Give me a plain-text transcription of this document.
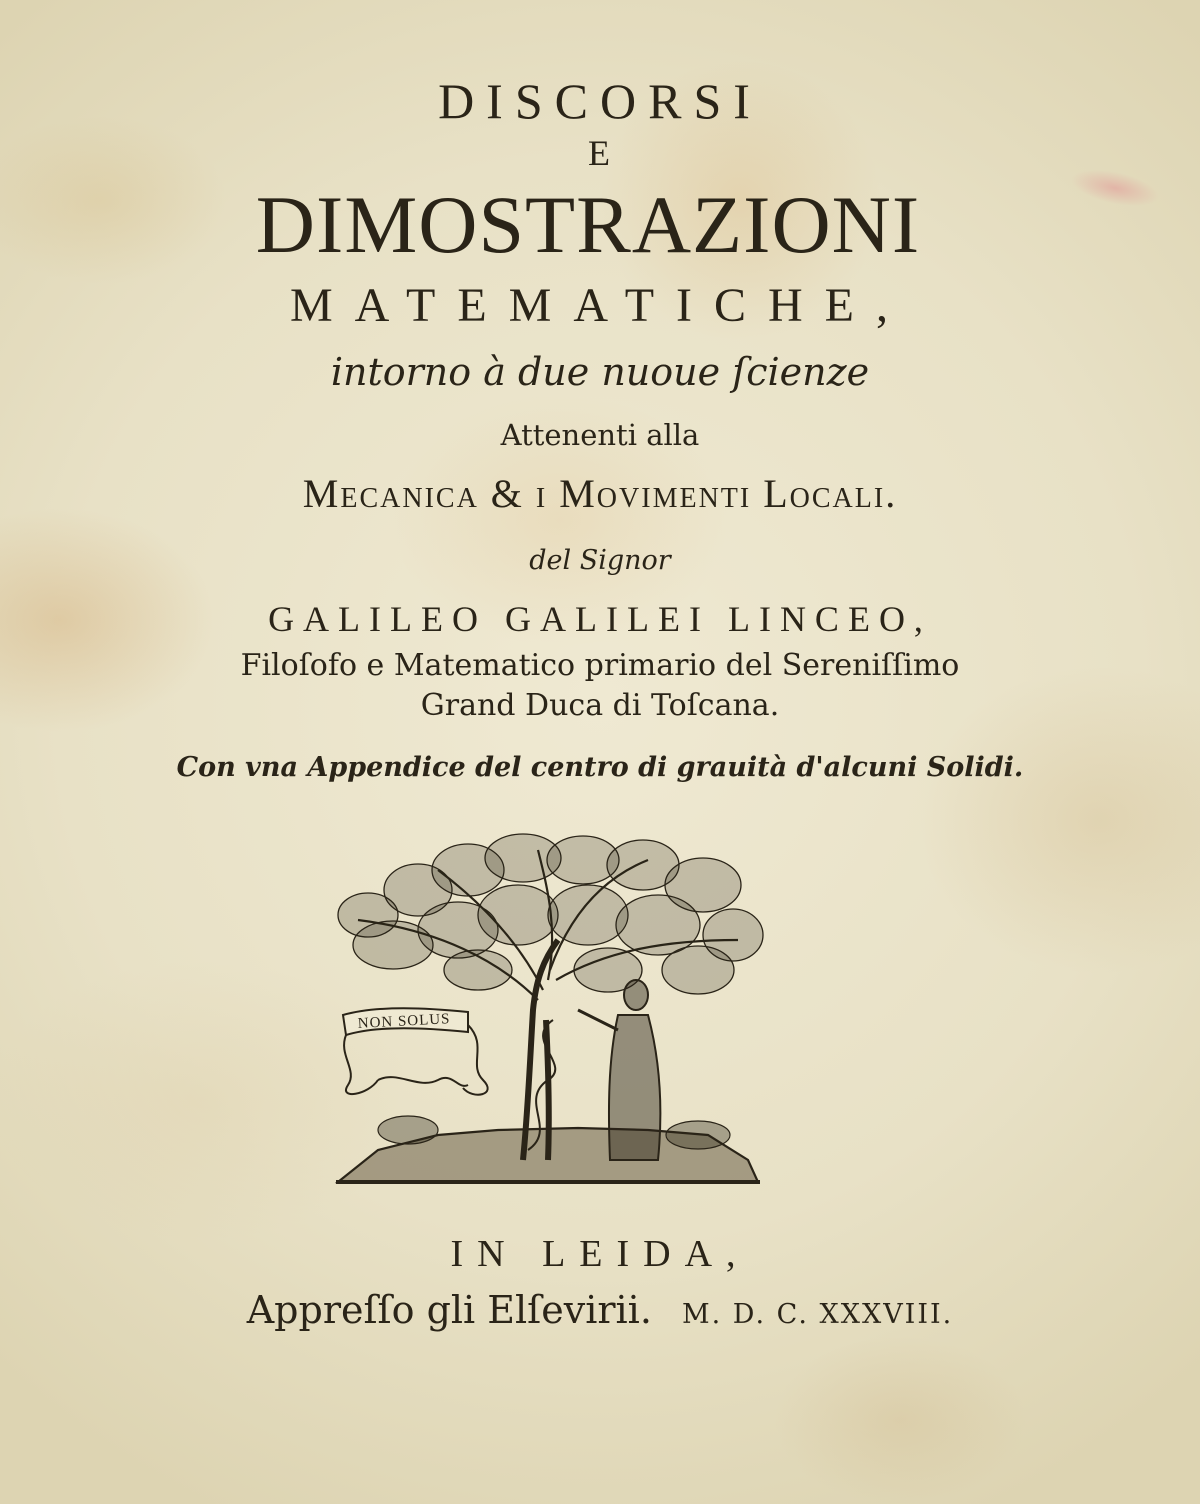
DISCORSI
E
DIMOSTRAZIONI
MATEMATICHE,
intorno à due nuoue ſcienze
Attenenti alla
Mecanica & i Movimenti Locali.
del Signor
GALILEO GALILEI LINCEO,
Filoſofo e Matematico primario del Sereniſſimo
Grand Duca di Toſcana.
Con vna Appendice del centro di grauità d'alcuni Solidi.
NON SOLUS
IN LEIDA,
Appreſſo gli Elſevirii. M. D. C. XXXVIII.
